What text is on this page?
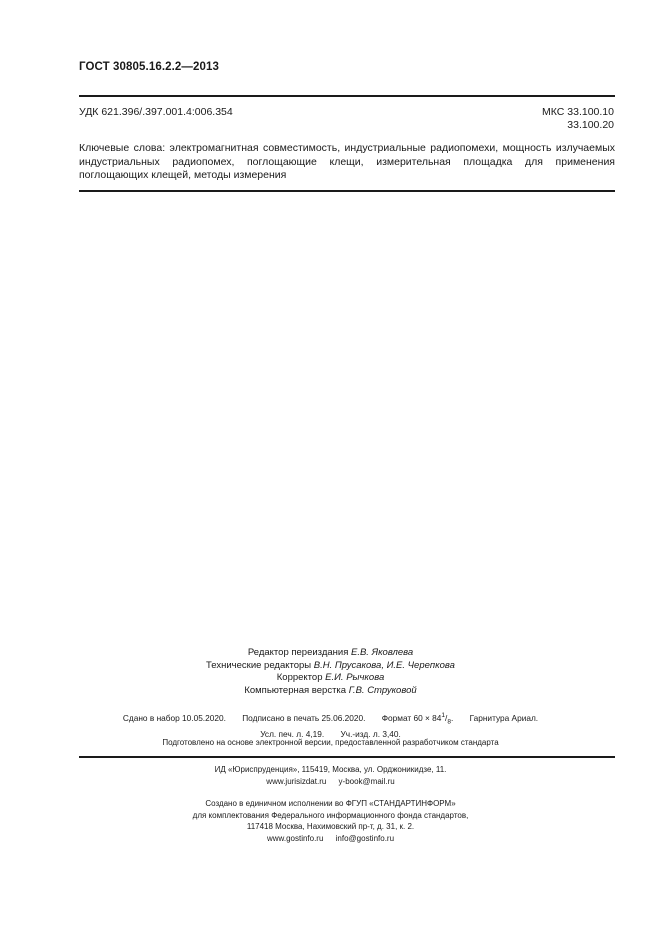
ГОСТ 30805.16.2.2—2013
УДК 621.396/.397.001.4:006.354	МКС 33.100.10
33.100.20
Ключевые слова: электромагнитная совместимость, индустриальные радиопомехи, мощность излучаемых индустриальных радиопомех, поглощающие клещи, измерительная площадка для применения поглощающих клещей, методы измерения
Редактор переиздания Е.В. Яковлева
Технические редакторы В.Н. Прусакова, И.Е. Черепкова
Корректор Е.И. Рычкова
Компьютерная верстка Г.В. Струковой
Сдано в набор 10.05.2020. Подписано в печать 25.06.2020. Формат $60 \times 84^1/_8$. Гарнитура Ариал.
Усл. печ. л. 4,19. Уч.-изд. л. 3,40.
Подготовлено на основе электронной версии, предоставленной разработчиком стандарта
ИД «Юриспруденция», 115419, Москва, ул. Орджоникидзе, 11.
www.jurisizdat.ru y-book@mail.ru
Создано в единичном исполнении во ФГУП «СТАНДАРТИНФОРМ»
для комплектования Федерального информационного фонда стандартов,
117418 Москва, Нахимовский пр-т, д. 31, к. 2.
www.gostinfo.ru info@gostinfo.ru
